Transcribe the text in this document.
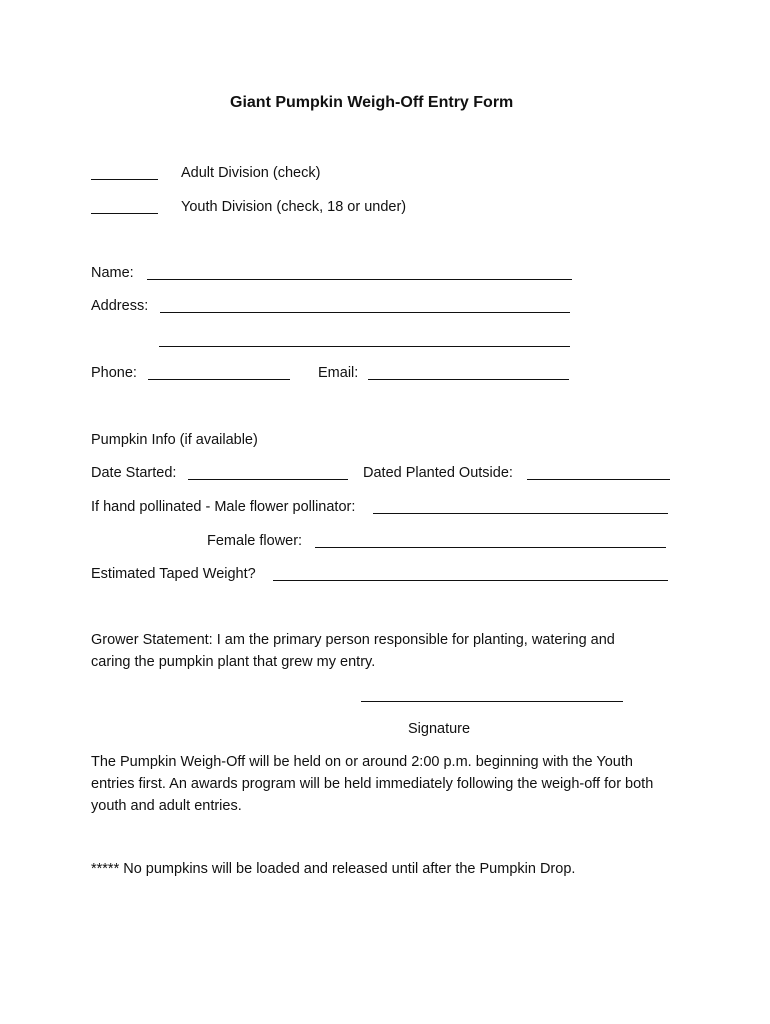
Giant Pumpkin Weigh-Off Entry Form
Adult Division (check)
Youth Division (check, 18 or under)
Name:
Address:
Phone:	Email:
Pumpkin Info (if available)
Date Started:	Dated Planted Outside:
If hand pollinated - Male flower pollinator:
Female flower:
Estimated Taped Weight?
Grower Statement: I am the primary person responsible for planting, watering and caring the pumpkin plant that grew my entry.
Signature
The Pumpkin Weigh-Off will be held on or around 2:00 p.m. beginning with the Youth entries first. An awards program will be held immediately following the weigh-off for both youth and adult entries.
***** No pumpkins will be loaded and released until after the Pumpkin Drop.
